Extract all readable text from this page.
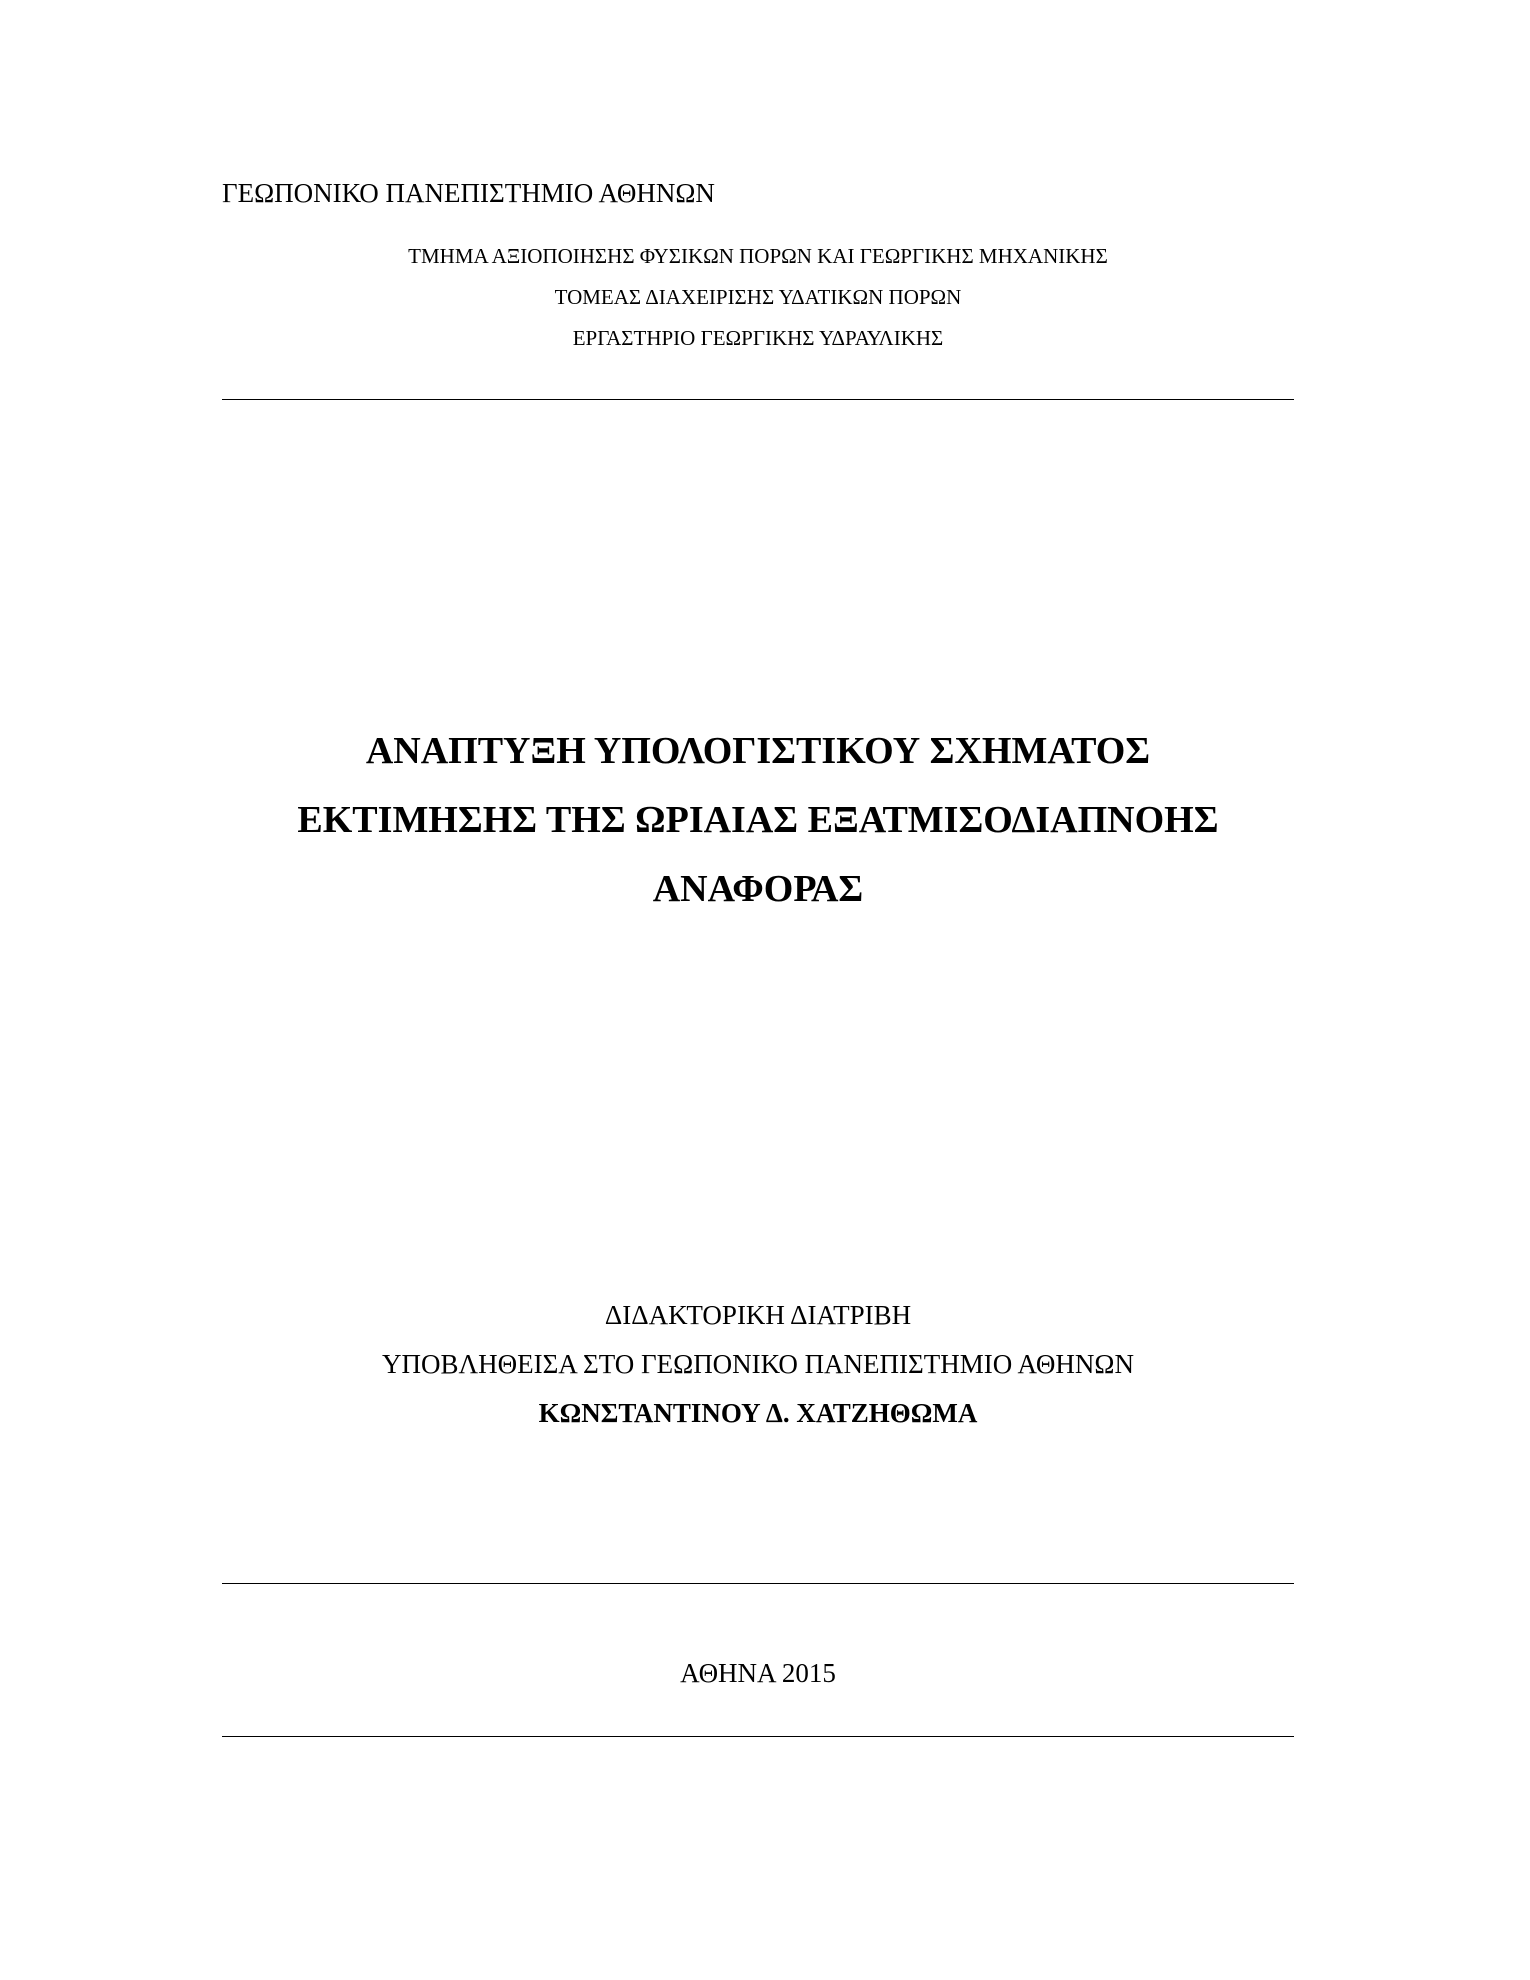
ΓΕΩΠΟΝΙΚΟ ΠΑΝΕΠΙΣΤΗΜΙΟ ΑΘΗΝΩΝ
ΤΜΗΜΑ ΑΞΙΟΠΟΙΗΣΗΣ ΦΥΣΙΚΩΝ ΠΟΡΩΝ ΚΑΙ ΓΕΩΡΓΙΚΗΣ ΜΗΧΑΝΙΚΗΣ
ΤΟΜΕΑΣ ΔΙΑΧΕΙΡΙΣΗΣ ΥΔΑΤΙΚΩΝ ΠΟΡΩΝ
ΕΡΓΑΣΤΗΡΙΟ ΓΕΩΡΓΙΚΗΣ ΥΔΡΑΥΛΙΚΗΣ
ΑΝΑΠΤΥΞΗ ΥΠΟΛΟΓΙΣΤΙΚΟΥ ΣΧΗΜΑΤΟΣ
ΕΚΤΙΜΗΣΗΣ ΤΗΣ ΩΡΙΑΙΑΣ ΕΞΑΤΜΙΣΟΔΙΑΠΝΟΗΣ
ΑΝΑΦΟΡΑΣ
ΔΙΔΑΚΤΟΡΙΚΗ ΔΙΑΤΡΙΒΗ
ΥΠΟΒΛΗΘΕΙΣΑ ΣΤΟ ΓΕΩΠΟΝΙΚΟ ΠΑΝΕΠΙΣΤΗΜΙΟ ΑΘΗΝΩΝ
ΚΩΝΣΤΑΝΤΙΝΟΥ Δ. ΧΑΤΖΗΘΩΜΑ
ΑΘΗΝΑ 2015
